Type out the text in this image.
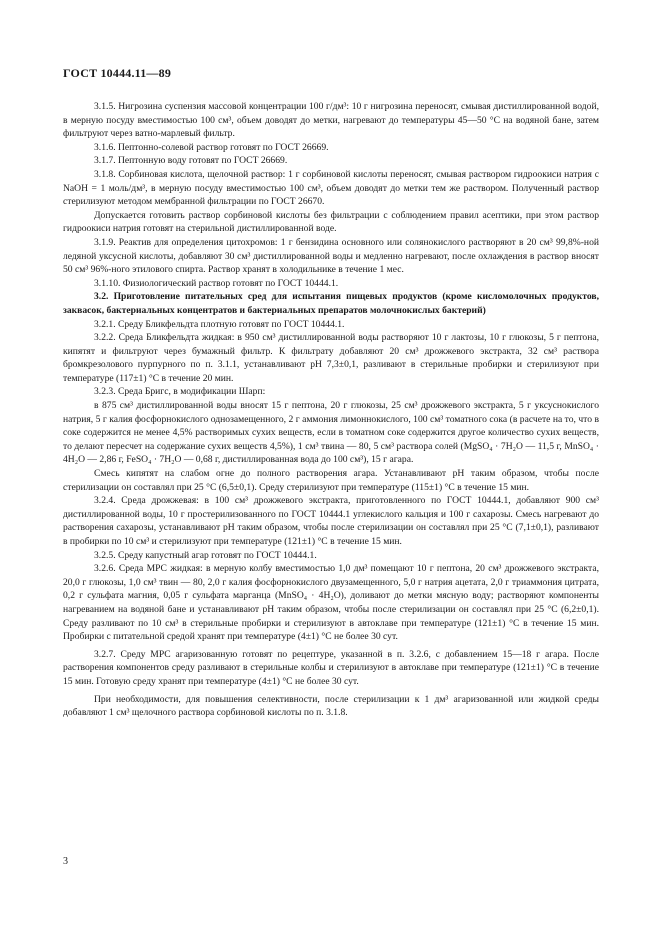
ГОСТ 10444.11—89

3.1.5. Нигрозина суспензия массовой концентрации 100 г/дм³: 10 г нигрозина переносят, смывая дистиллированной водой, в мерную посуду вместимостью 100 см³, объем доводят до метки, нагревают до температуры 45—50 °С на водяной бане, затем фильтруют через ватно-марлевый фильтр.

3.1.6. Пептонно-солевой раствор готовят по ГОСТ 26669.

3.1.7. Пептонную воду готовят по ГОСТ 26669.

3.1.8. Сорбиновая кислота, щелочной раствор: 1 г сорбиновой кислоты переносят, смывая раствором гидроокиси натрия c NaOH = 1 моль/дм³, в мерную посуду вместимостью 100 см³, объем доводят до метки тем же раствором. Полученный раствор стерилизуют методом мембранной фильтрации по ГОСТ 26670.

Допускается готовить раствор сорбиновой кислоты без фильтрации с соблюдением правил асептики, при этом раствор гидроокиси натрия готовят на стерильной дистиллированной воде.

3.1.9. Реактив для определения цитохромов: 1 г бензидина основного или солянокислого растворяют в 20 см³ 99,8%-ной ледяной уксусной кислоты, добавляют 30 см³ дистиллированной воды и медленно нагревают, после охлаждения в раствор вносят 50 см³ 96%-ного этилового спирта. Раствор хранят в холодильнике в течение 1 мес.

3.1.10. Физиологический раствор готовят по ГОСТ 10444.1.

3.2. Приготовление питательных сред для испытания пищевых продуктов (кроме кисломолочных продуктов, заквасок, бактериальных концентратов и бактериальных препаратов молочнокислых бактерий)

3.2.1. Среду Бликфельдта плотную готовят по ГОСТ 10444.1.

3.2.2. Среда Бликфельдта жидкая: в 950 см³ дистиллированной воды растворяют 10 г лактозы, 10 г глюкозы, 5 г пептона, кипятят и фильтруют через бумажный фильтр. К фильтрату добавляют 20 см³ дрожжевого экстракта, 32 см³ раствора бромкрезолового пурпурного по п. 3.1.1, устанавливают pH 7,3±0,1, разливают в стерильные пробирки и стерилизуют при температуре (117±1) °С в течение 20 мин.

3.2.3. Среда Бригс, в модификации Шарп:

в 875 см³ дистиллированной воды вносят 15 г пептона, 20 г глюкозы, 25 см³ дрожжевого экстракта, 5 г уксуснокислого натрия, 5 г калия фосфорнокислого однозамещенного, 2 г аммония лимоннокислого, 100 см³ томатного сока (в расчете на то, что в соке содержится не менее 4,5% растворимых сухих веществ, если в томатном соке содержится другое количество сухих веществ, то делают пересчет на содержание сухих веществ 4,5%), 1 см³ твина — 80, 5 см³ раствора солей (MgSO₄ · 7H₂O — 11,5 г, MnSO₄ · 4H₂O — 2,86 г, FeSO₄ · 7H₂O — 0,68 г, дистиллированная вода до 100 см³), 15 г агара.

Смесь кипятят на слабом огне до полного растворения агара. Устанавливают pH таким образом, чтобы после стерилизации он составлял при 25 °С (6,5±0,1). Среду стерилизуют при температуре (115±1) °С в течение 15 мин.

3.2.4. Среда дрожжевая: в 100 см³ дрожжевого экстракта, приготовленного по ГОСТ 10444.1, добавляют 900 см³ дистиллированной воды, 10 г простерилизованного по ГОСТ 10444.1 углекислого кальция и 100 г сахарозы. Смесь нагревают до растворения сахарозы, устанавливают pH таким образом, чтобы после стерилизации он составлял при 25 °С (7,1±0,1), разливают в пробирки по 10 см³ и стерилизуют при температуре (121±1) °С в течение 15 мин.

3.2.5. Среду капустный агар готовят по ГОСТ 10444.1.

3.2.6. Среда МРС жидкая: в мерную колбу вместимостью 1,0 дм³ помещают 10 г пептона, 20 см³ дрожжевого экстракта, 20,0 г глюкозы, 1,0 см³ твин — 80, 2,0 г калия фосфорнокислого двузамещенного, 5,0 г натрия ацетата, 2,0 г триаммония цитрата, 0,2 г сульфата магния, 0,05 г сульфата марганца (MnSO₄ · 4H₂O), доливают до метки мясную воду; растворяют компоненты нагреванием на водяной бане и устанавливают pH таким образом, чтобы после стерилизации он составлял при 25 °С (6,2±0,1). Среду разливают по 10 см³ в стерильные пробирки и стерилизуют в автоклаве при температуре (121±1) °С в течение 15 мин. Пробирки с питательной средой хранят при температуре (4±1) °С не более 30 сут.

3.2.7. Среду МРС агаризованную готовят по рецептуре, указанной в п. 3.2.6, с добавлением 15—18 г агара. После растворения компонентов среду разливают в стерильные колбы и стерилизуют в автоклаве при температуре (121±1) °С в течение 15 мин. Готовую среду хранят при температуре (4±1) °С не более 30 сут.

При необходимости, для повышения селективности, после стерилизации к 1 дм³ агаризованной или жидкой среды добавляют 1 см³ щелочного раствора сорбиновой кислоты по п. 3.1.8.

3
